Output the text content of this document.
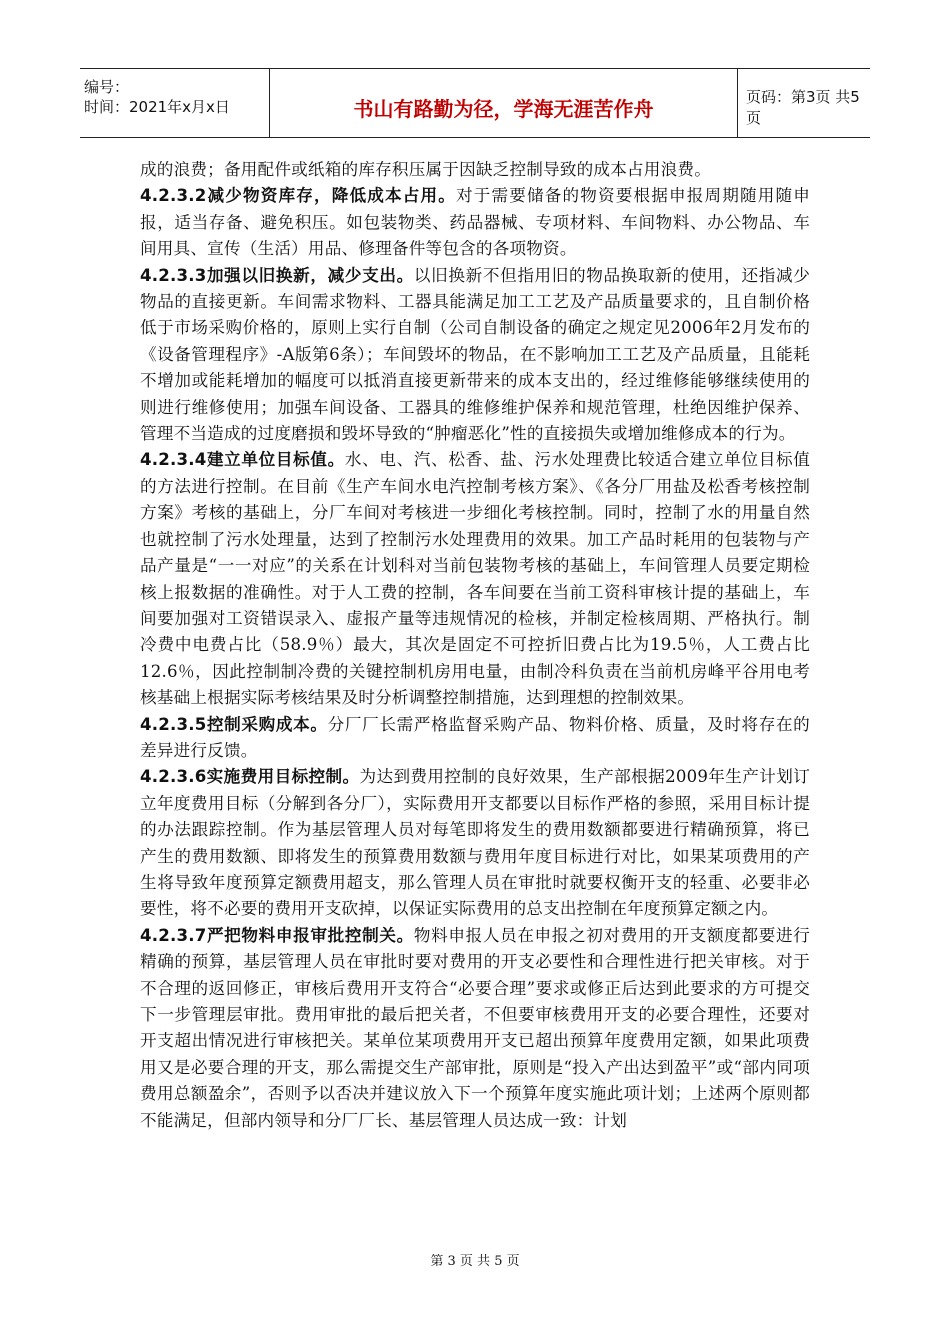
编号：
时间：2021年x月x日	书山有路勤为径，学海无涯苦作舟	页码：第3页 共5页

成的浪费；备用配件或纸箱的库存积压属于因缺乏控制导致的成本占用浪费。

4.2.3.2减少物资库存，降低成本占用。对于需要储备的物资要根据申报周期随用随申报，适当存备、避免积压。如包装物类、药品器械、专项材料、车间物料、办公物品、车间用具、宣传（生活）用品、修理备件等包含的各项物资。

4.2.3.3加强以旧换新，减少支出。以旧换新不但指用旧的物品换取新的使用，还指减少物品的直接更新。车间需求物料、工器具能满足加工工艺及产品质量要求的，且自制价格低于市场采购价格的，原则上实行自制（公司自制设备的确定之规定见2006年2月发布的《设备管理程序》-A版第6条）；车间毁坏的物品，在不影响加工工艺及产品质量，且能耗不增加或能耗增加的幅度可以抵消直接更新带来的成本支出的，经过维修能够继续使用的则进行维修使用；加强车间设备、工器具的维修维护保养和规范管理，杜绝因维护保养、管理不当造成的过度磨损和毁坏导致的“肿瘤恶化”性的直接损失或增加维修成本的行为。

4.2.3.4建立单位目标值。水、电、汽、松香、盐、污水处理费比较适合建立单位目标值的方法进行控制。在目前《生产车间水电汽控制考核方案》、《各分厂用盐及松香考核控制方案》考核的基础上，分厂车间对考核进一步细化考核控制。同时，控制了水的用量自然也就控制了污水处理量，达到了控制污水处理费用的效果。加工产品时耗用的包装物与产品产量是“一一对应”的关系在计划科对当前包装物考核的基础上，车间管理人员要定期检核上报数据的准确性。对于人工费的控制，各车间要在当前工资科审核计提的基础上，车间要加强对工资错误录入、虚报产量等违规情况的检核，并制定检核周期、严格执行。制冷费中电费占比（58.9％）最大，其次是固定不可控折旧费占比为19.5％，人工费占比12.6％，因此控制制冷费的关键控制机房用电量，由制冷科负责在当前机房峰平谷用电考核基础上根据实际考核结果及时分析调整控制措施，达到理想的控制效果。

4.2.3.5控制采购成本。分厂厂长需严格监督采购产品、物料价格、质量，及时将存在的差异进行反馈。

4.2.3.6实施费用目标控制。为达到费用控制的良好效果，生产部根据2009年生产计划订立年度费用目标（分解到各分厂），实际费用开支都要以目标作严格的参照，采用目标计提的办法跟踪控制。作为基层管理人员对每笔即将发生的费用数额都要进行精确预算，将已产生的费用数额、即将发生的预算费用数额与费用年度目标进行对比，如果某项费用的产生将导致年度预算定额费用超支，那么管理人员在审批时就要权衡开支的轻重、必要非必要性，将不必要的费用开支砍掉，以保证实际费用的总支出控制在年度预算定额之内。

4.2.3.7严把物料申报审批控制关。物料申报人员在申报之初对费用的开支额度都要进行精确的预算，基层管理人员在审批时要对费用的开支必要性和合理性进行把关审核。对于不合理的返回修正，审核后费用开支符合“必要合理”要求或修正后达到此要求的方可提交下一步管理层审批。费用审批的最后把关者，不但要审核费用开支的必要合理性，还要对开支超出情况进行审核把关。某单位某项费用开支已超出预算年度费用定额，如果此项费用又是必要合理的开支，那么需提交生产部审批，原则是“投入产出达到盈平”或“部内同项费用总额盈余”，否则予以否决并建议放入下一个预算年度实施此项计划；上述两个原则都不能满足，但部内领导和分厂厂长、基层管理人员达成一致：计划

第 3 页 共 5 页
